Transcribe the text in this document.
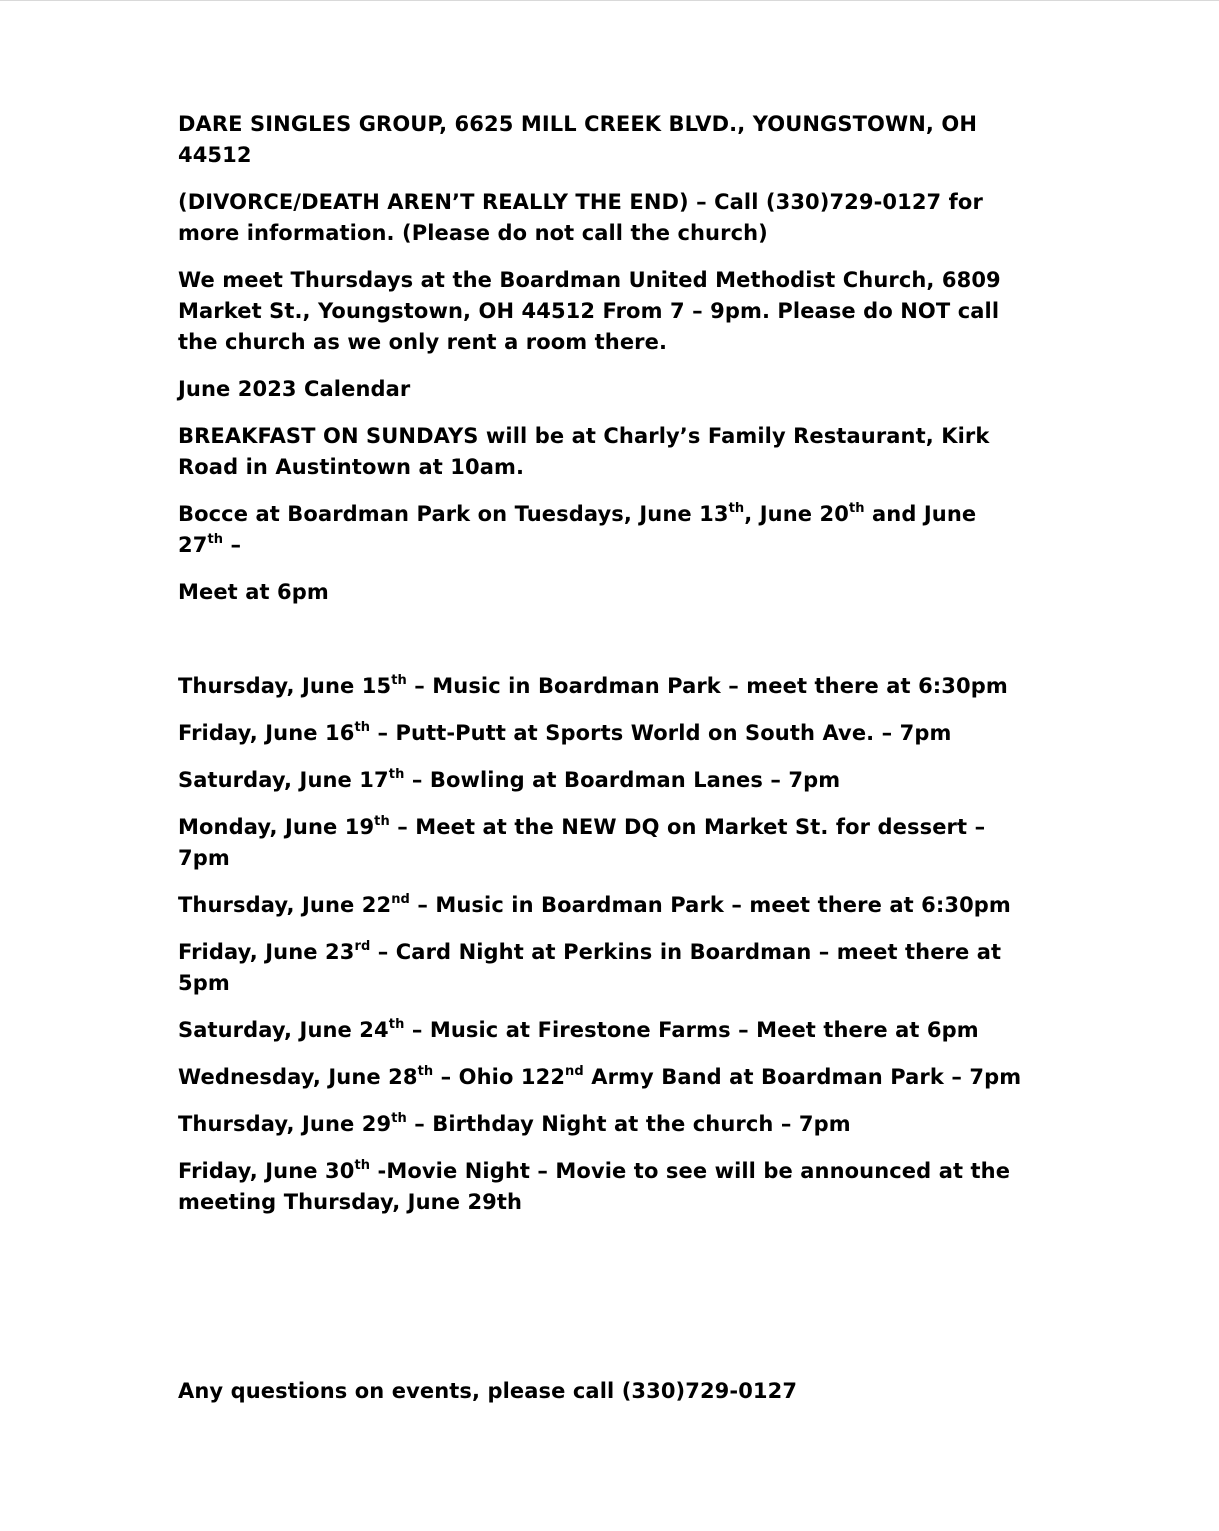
DARE SINGLES GROUP, 6625 MILL CREEK BLVD., YOUNGSTOWN, OH
44512

(DIVORCE/DEATH AREN’T REALLY THE END) – Call (330)729-0127 for
more information. (Please do not call the church)

We meet Thursdays at the Boardman United Methodist Church, 6809
Market St., Youngstown, OH 44512 From 7 – 9pm. Please do NOT call
the church as we only rent a room there.

June 2023 Calendar

BREAKFAST ON SUNDAYS will be at Charly’s Family Restaurant, Kirk
Road in Austintown at 10am.

Bocce at Boardman Park on Tuesdays, June 13th, June 20th and June
27th –

Meet at 6pm

Thursday, June 15th – Music in Boardman Park – meet there at 6:30pm

Friday, June 16th – Putt-Putt at Sports World on South Ave. – 7pm

Saturday, June 17th – Bowling at Boardman Lanes – 7pm

Monday, June 19th – Meet at the NEW DQ on Market St. for dessert –
7pm

Thursday, June 22nd – Music in Boardman Park – meet there at 6:30pm

Friday, June 23rd – Card Night at Perkins in Boardman – meet there at
5pm

Saturday, June 24th – Music at Firestone Farms – Meet there at 6pm

Wednesday, June 28th – Ohio 122nd Army Band at Boardman Park – 7pm

Thursday, June 29th – Birthday Night at the church – 7pm

Friday, June 30th -Movie Night – Movie to see will be announced at the
meeting Thursday, June 29th

Any questions on events, please call (330)729-0127
